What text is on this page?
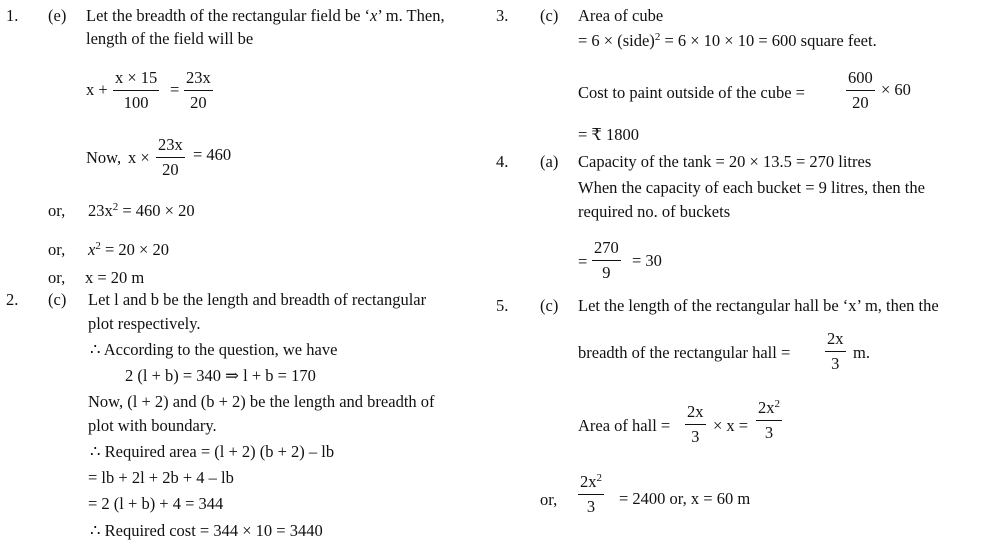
1. (e) Let the breadth of the rectangular field be ‘x’ m. Then,
length of the field will be
$x + \frac{x \times 15}{100} = \frac{23x}{20}$
Now, $x \times \frac{23x}{20} = 460$
or, $23x^2 = 460 \times 20$
or, $x^2 = 20 \times 20$
or, x = 20 m
2. (c) Let l and b be the length and breadth of rectangular
plot respectively.
∴ According to the question, we have
2 (l + b) = 340 ⇒ l + b = 170
Now, (l + 2) and (b + 2) be the length and breadth of
plot with boundary.
∴ Required area = (l + 2) (b + 2) – lb
= lb + 2l + 2b + 4 – lb
= 2 (l + b) + 4 = 344
∴ Required cost = 344 × 10 = 3440
3. (c) Area of cube
= 6 × (side)$^2$ = 6 × 10 × 10 = 600 square feet.
Cost to paint outside of the cube = $\frac{600}{20} \times 60$
= ₹ 1800
4. (a) Capacity of the tank = 20 × 13.5 = 270 litres
When the capacity of each bucket = 9 litres, then the
required no. of buckets
= $\frac{270}{9} = 30$
5. (c) Let the length of the rectangular hall be ‘x’ m, then the
breadth of the rectangular hall = $\frac{2x}{3} m$.
Area of hall = $\frac{2x}{3} \times x = \frac{2x^2}{3}$
or, $\frac{2x^2}{3} = 2400$ or, x = 60 m
